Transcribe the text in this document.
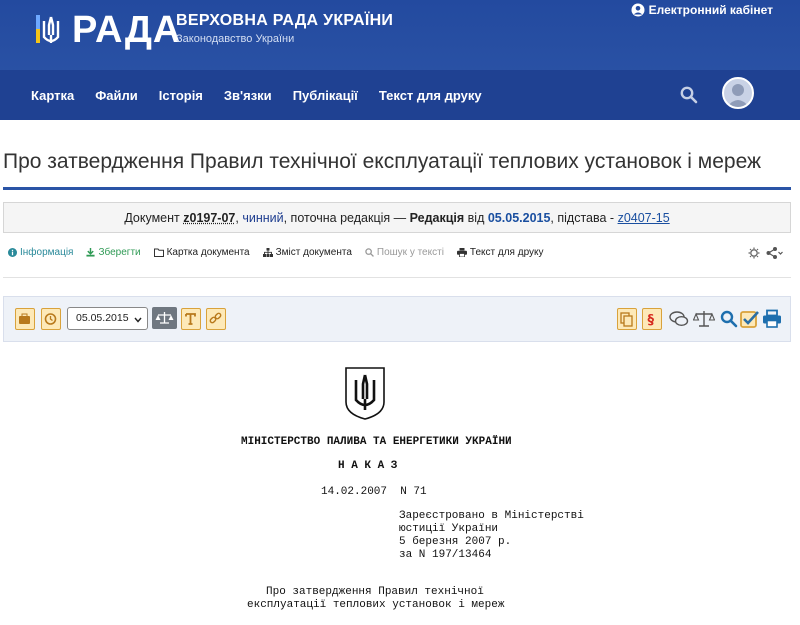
РАДА
ВЕРХОВНА РАДА УКРАЇНИ
Законодавство України
Електронний кабінет
Картка Файли Історія Зв'язки Публікації Текст для друку
Про затвердження Правил технічної експлуатації теплових установок і мереж
Документ z0197-07, чинний, поточна редакція — Редакція від 05.05.2015, підстава - z0407-15
Інформація	Зберегти	Картка документа	Зміст документа	Пошук у тексті	Текст для друку
05.05.2015	§
МІНІСТЕРСТВО ПАЛИВА ТА ЕНЕРГЕТИКИ УКРАЇНИ
Н А К А З
14.02.2007  N 71
Зареєстровано в Міністерстві
юстиції України
5 березня 2007 р.
за N 197/13464
Про затвердження Правил технічної
експлуатації теплових установок і мереж
